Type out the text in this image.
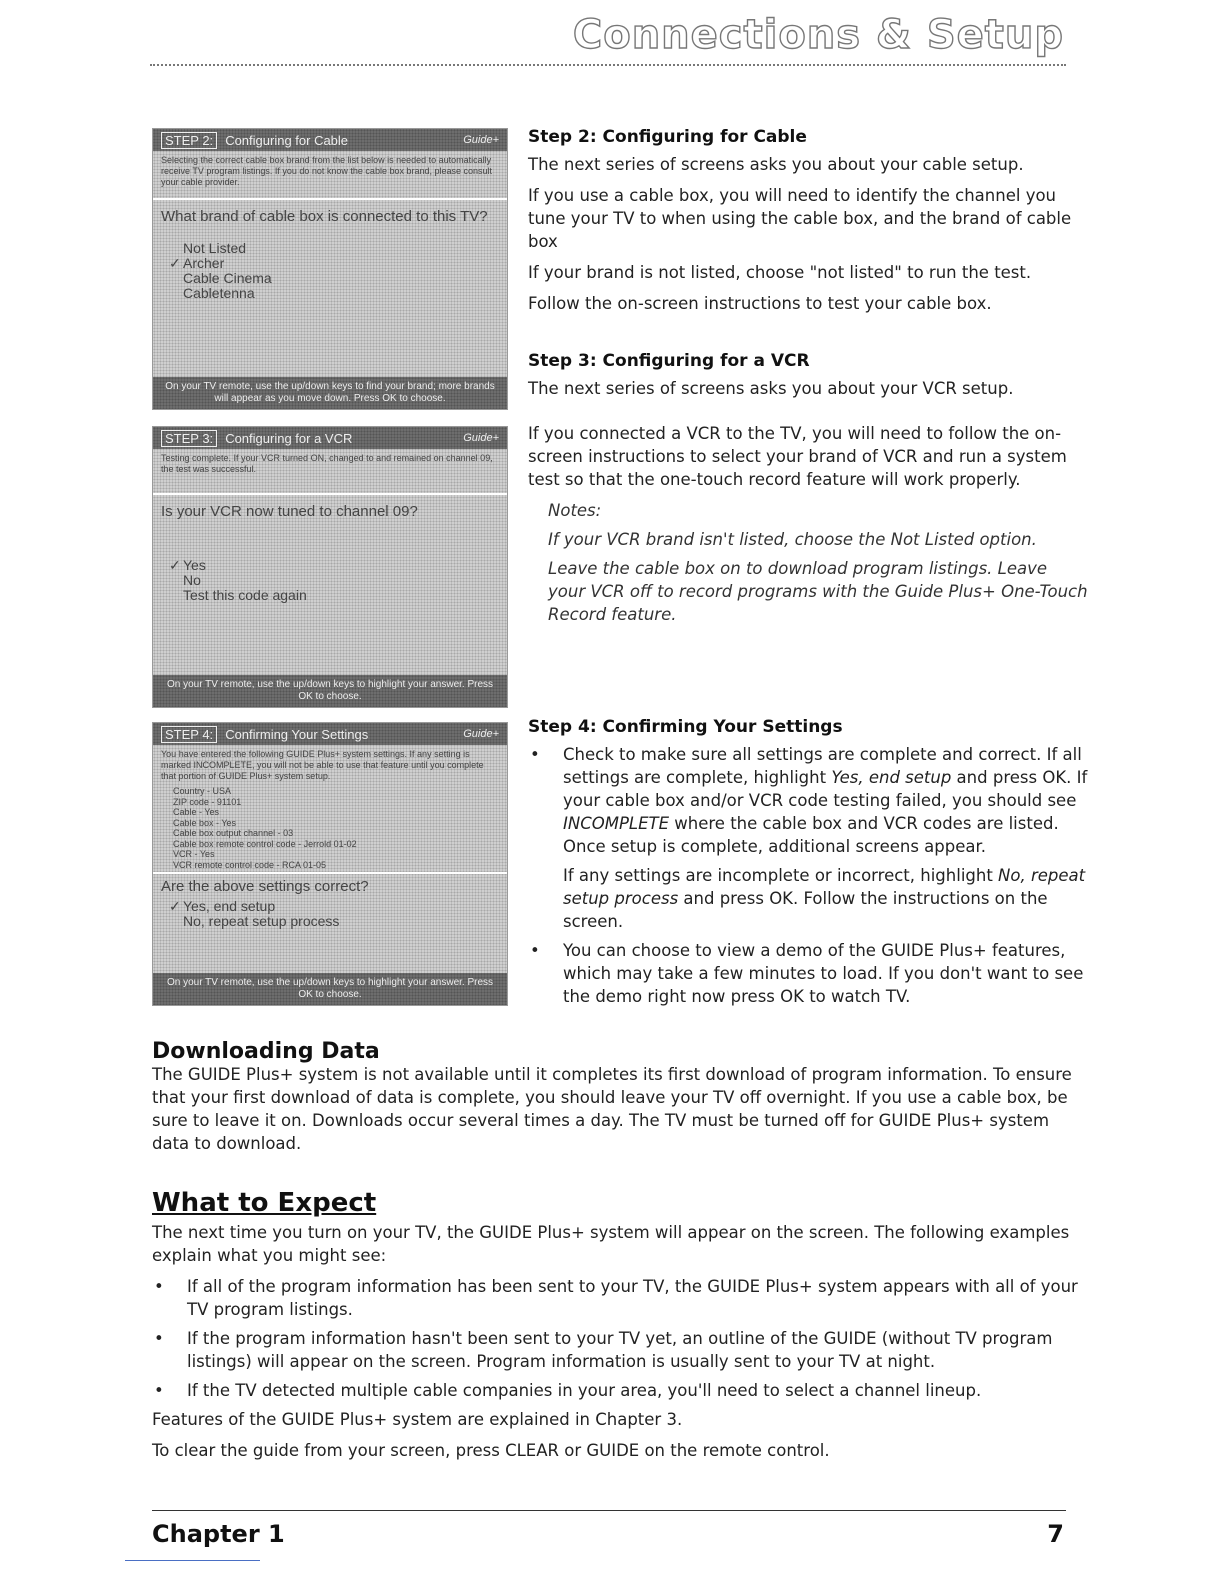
Connections & Setup
STEP 2: Configuring for Cable	Guide+
Selecting the correct cable box brand from the list below is needed to automatically receive TV program listings. If you do not know the cable box brand, please consult your cable provider.
What brand of cable box is connected to this TV?
Not Listed
✓ Archer
Cable Cinema
Cabletenna
On your TV remote, use the up/down keys to find your brand; more brands will appear as you move down. Press OK to choose.
STEP 3: Configuring for a VCR	Guide+
Testing complete. If your VCR turned ON, changed to and remained on channel 09, the test was successful.
Is your VCR now tuned to channel 09?
✓ Yes
No
Test this code again
On your TV remote, use the up/down keys to highlight your answer. Press OK to choose.
STEP 4: Confirming Your Settings	Guide+
You have entered the following GUIDE Plus+ system settings. If any setting is marked INCOMPLETE, you will not be able to use that feature until you complete that portion of GUIDE Plus+ system setup.
Country - USA
ZIP code - 91101
Cable - Yes
Cable box - Yes
Cable box output channel - 03
Cable box remote control code - Jerrold 01-02
VCR - Yes
VCR remote control code - RCA 01-05
Are the above settings correct?
✓ Yes, end setup
No, repeat setup process
On your TV remote, use the up/down keys to highlight your answer. Press OK to choose.
Step 2: Configuring for Cable

The next series of screens asks you about your cable setup.

If you use a cable box, you will need to identify the channel you tune your TV to when using the cable box, and the brand of cable box

If your brand is not listed, choose "not listed" to run the test.

Follow the on-screen instructions to test your cable box.

Step 3: Configuring for a VCR

The next series of screens asks you about your VCR setup.

If you connected a VCR to the TV, you will need to follow the on-screen instructions to select your brand of VCR and run a system test so that the one-touch record feature will work properly.

Notes:

If your VCR brand isn't listed, choose the Not Listed option.

Leave the cable box on to download program listings. Leave your VCR off to record programs with the Guide Plus+ One-Touch Record feature.

Step 4: Confirming Your Settings
• Check to make sure all settings are complete and correct. If all settings are complete, highlight Yes, end setup and press OK. If your cable box and/or VCR code testing failed, you should see INCOMPLETE where the cable box and VCR codes are listed. Once setup is complete, additional screens appear.
If any settings are incomplete or incorrect, highlight No, repeat setup process and press OK. Follow the instructions on the screen.
• You can choose to view a demo of the GUIDE Plus+ features, which may take a few minutes to load. If you don't want to see the demo right now press OK to watch TV.
Downloading Data

The GUIDE Plus+ system is not available until it completes its first download of program information. To ensure that your first download of data is complete, you should leave your TV off overnight. If you use a cable box, be sure to leave it on. Downloads occur several times a day. The TV must be turned off for GUIDE Plus+ system data to download.

What to Expect

The next time you turn on your TV, the GUIDE Plus+ system will appear on the screen. The following examples explain what you might see:

• If all of the program information has been sent to your TV, the GUIDE Plus+ system appears with all of your TV program listings.
• If the program information hasn't been sent to your TV yet, an outline of the GUIDE (without TV program listings) will appear on the screen. Program information is usually sent to your TV at night.
• If the TV detected multiple cable companies in your area, you'll need to select a channel lineup.

Features of the GUIDE Plus+ system are explained in Chapter 3.

To clear the guide from your screen, press CLEAR or GUIDE on the remote control.

Chapter 1	7
